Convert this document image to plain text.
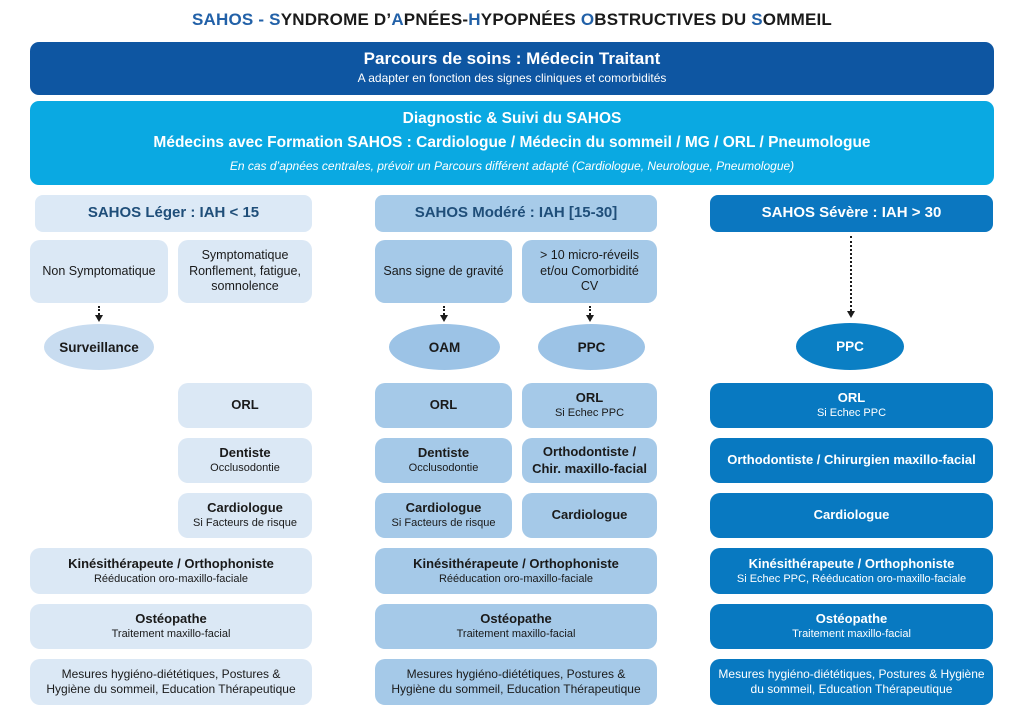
SAHOS - SYNDROME D’APNÉES-HYPOPNÉES OBSTRUCTIVES DU SOMMEIL
Parcours de soins : Médecin Traitant
A adapter en fonction des signes cliniques et comorbidités
Diagnostic & Suivi du SAHOS
Médecins avec Formation SAHOS : Cardiologue / Médecin du sommeil / MG / ORL / Pneumologue
En cas d’apnées centrales, prévoir un Parcours différent adapté (Cardiologue, Neurologue, Pneumologue)
SAHOS Léger : IAH < 15	SAHOS Modéré : IAH [15-30]	SAHOS Sévère : IAH > 30
Non Symptomatique
Symptomatique
Ronflement, fatigue, somnolence
Sans signe de gravité
> 10 micro-réveils et/ou Comorbidité CV
Surveillance	OAM	PPC	PPC
ORL	ORL	ORL
Si Echec PPC
ORL
Si Echec PPC
Dentiste
Occlusodontie
Dentiste
Occlusodontie
Orthodontiste / Chir. maxillo-facial
Orthodontiste / Chirurgien maxillo-facial
Cardiologue
Si Facteurs de risque
Cardiologue
Si Facteurs de risque
Cardiologue	Cardiologue
Kinésithérapeute / Orthophoniste
Rééducation oro-maxillo-faciale
Kinésithérapeute / Orthophoniste
Rééducation oro-maxillo-faciale
Kinésithérapeute / Orthophoniste
Si Echec PPC, Rééducation oro-maxillo-faciale
Ostéopathe
Traitement maxillo-facial
Ostéopathe
Traitement maxillo-facial
Ostéopathe
Traitement maxillo-facial
Mesures hygiéno-diététiques, Postures & Hygiène du sommeil, Education Thérapeutique
Mesures hygiéno-diététiques, Postures & Hygiène du sommeil, Education Thérapeutique
Mesures hygiéno-diététiques, Postures & Hygiène du sommeil, Education Thérapeutique
